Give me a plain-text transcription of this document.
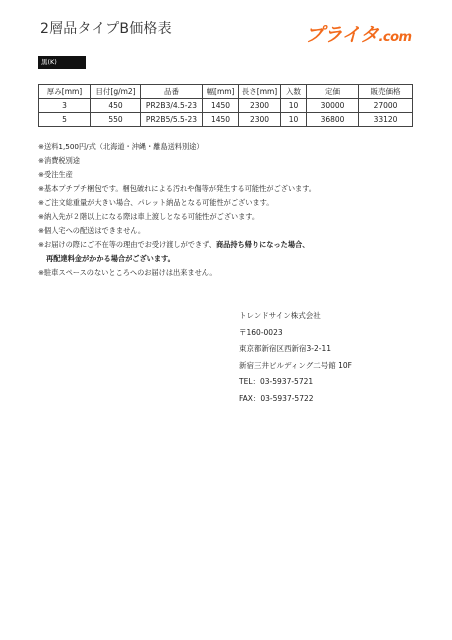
2層品タイプB価格表	プライタ.com
黒(K)
厚み[mm]	目付[g/m2]	品番	幅[mm]	長さ[mm]	入数	定価	販売価格
3	450	PR2B3/4.5-23	1450	2300	10	30000	27000
5	550	PR2B5/5.5-23	1450	2300	10	36800	33120
※送料1,500円/式（北海道・沖縄・離島送料別途）
※消費税別途
※受注生産
※基本プチプチ梱包です。梱包破れによる汚れや傷等が発生する可能性がございます。
※ご注文総重量が大きい場合、パレット納品となる可能性がございます。
※納入先が２階以上になる際は車上渡しとなる可能性がございます。
※個人宅への配送はできません。
※お届けの際にご不在等の理由でお受け渡しができず、商品持ち帰りになった場合、
再配達料金がかかる場合がございます。
※駐車スペースのないところへのお届けは出来ません。
トレンドサイン株式会社
〒160-0023
東京都新宿区西新宿3-2-11
新宿三井ビルディング二号館 10F
TEL：03-5937-5721
FAX：03-5937-5722
